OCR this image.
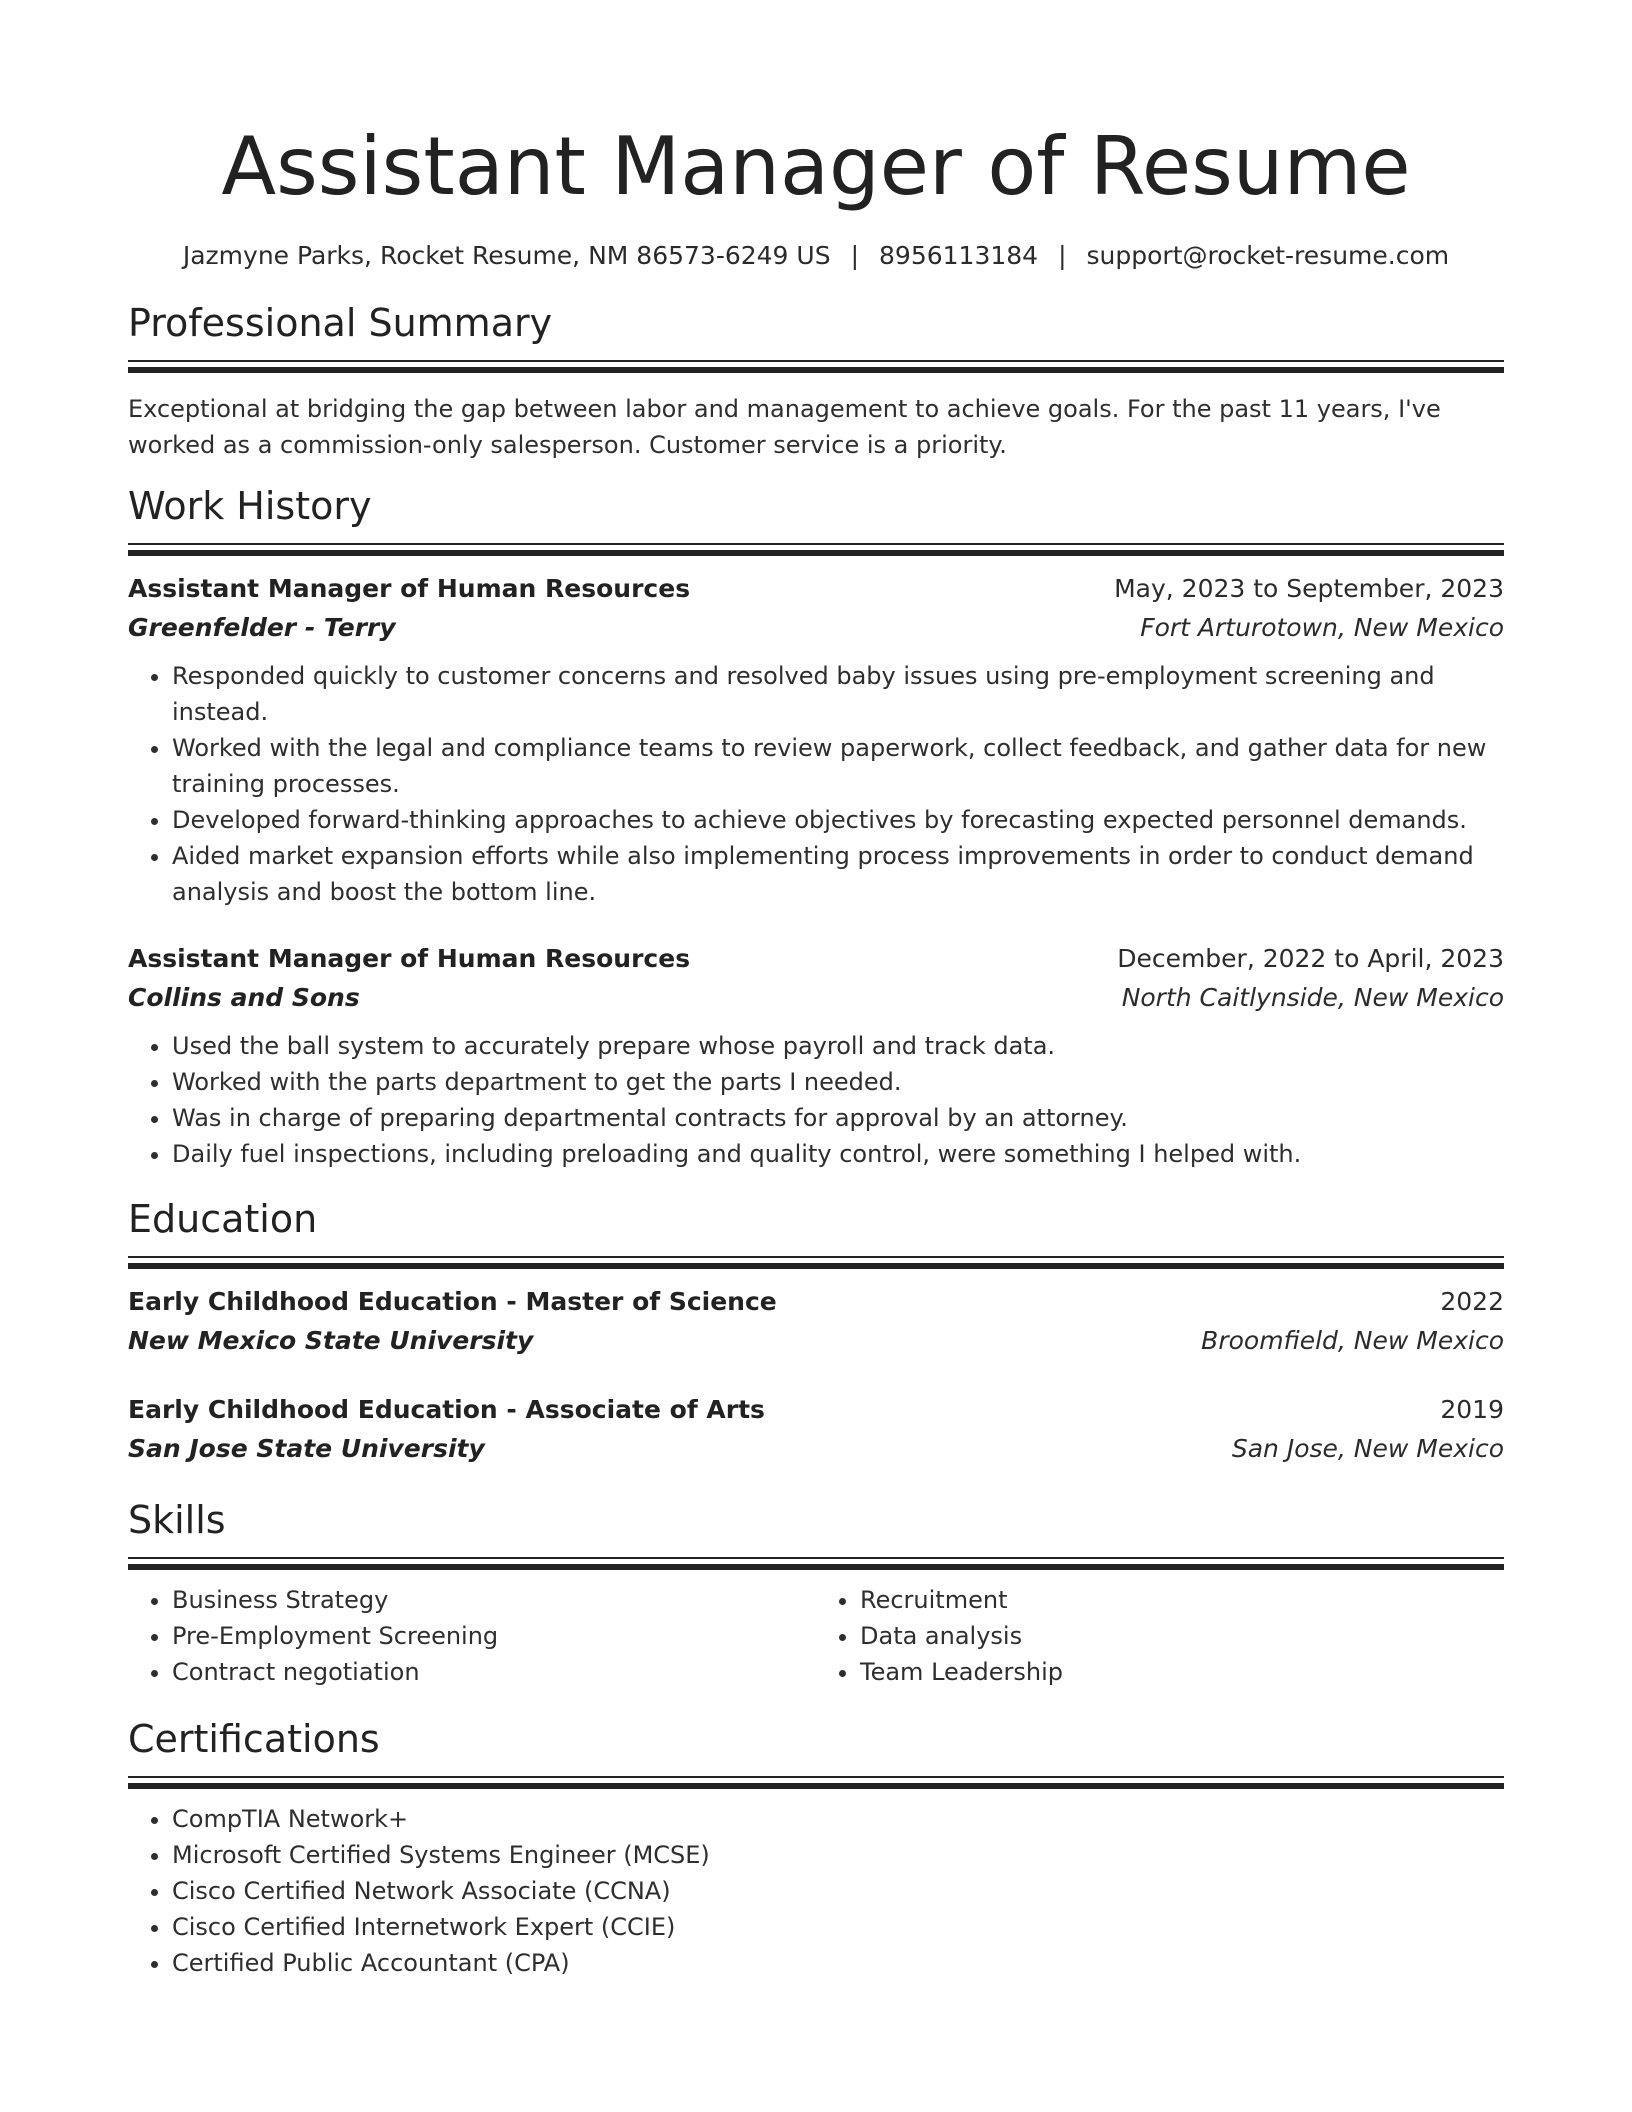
Assistant Manager of Resume
Jazmyne Parks, Rocket Resume, NM 86573-6249 US | 8956113184 | support@rocket-resume.com
Professional Summary
Exceptional at bridging the gap between labor and management to achieve goals. For the past 11 years, I've worked as a commission-only salesperson. Customer service is a priority.
Work History
Assistant Manager of Human Resources	May, 2023 to September, 2023
Greenfelder - Terry	Fort Arturotown, New Mexico
• Responded quickly to customer concerns and resolved baby issues using pre-employment screening and instead.
• Worked with the legal and compliance teams to review paperwork, collect feedback, and gather data for new training processes.
• Developed forward-thinking approaches to achieve objectives by forecasting expected personnel demands.
• Aided market expansion efforts while also implementing process improvements in order to conduct demand analysis and boost the bottom line.
Assistant Manager of Human Resources	December, 2022 to April, 2023
Collins and Sons	North Caitlynside, New Mexico
• Used the ball system to accurately prepare whose payroll and track data.
• Worked with the parts department to get the parts I needed.
• Was in charge of preparing departmental contracts for approval by an attorney.
• Daily fuel inspections, including preloading and quality control, were something I helped with.
Education
Early Childhood Education - Master of Science	2022
New Mexico State University	Broomfield, New Mexico
Early Childhood Education - Associate of Arts	2019
San Jose State University	San Jose, New Mexico
Skills
• Business Strategy
• Pre-Employment Screening
• Contract negotiation
• Recruitment
• Data analysis
• Team Leadership
Certifications
• CompTIA Network+
• Microsoft Certified Systems Engineer (MCSE)
• Cisco Certified Network Associate (CCNA)
• Cisco Certified Internetwork Expert (CCIE)
• Certified Public Accountant (CPA)
